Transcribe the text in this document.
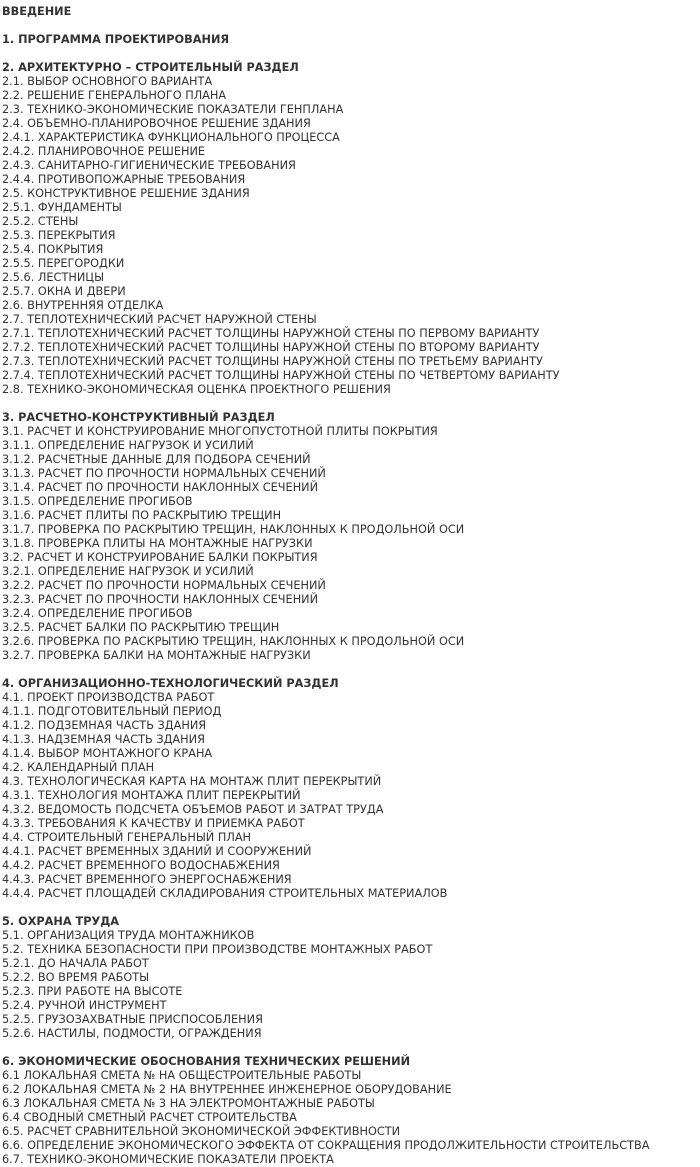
ВВЕДЕНИЕ
1. ПРОГРАММА ПРОЕКТИРОВАНИЯ
2. АРХИТЕКТУРНО – СТРОИТЕЛЬНЫЙ РАЗДЕЛ
2.1. ВЫБОР ОСНОВНОГО ВАРИАНТА
2.2. РЕШЕНИЕ ГЕНЕРАЛЬНОГО ПЛАНА
2.3. ТЕХНИКО-ЭКОНОМИЧЕСКИЕ ПОКАЗАТЕЛИ ГЕНПЛАНА
2.4. ОБЪЕМНО-ПЛАНИРОВОЧНОЕ РЕШЕНИЕ ЗДАНИЯ
2.4.1. ХАРАКТЕРИСТИКА ФУНКЦИОНАЛЬНОГО ПРОЦЕССА
2.4.2. ПЛАНИРОВОЧНОЕ РЕШЕНИЕ
2.4.3. САНИТАРНО-ГИГИЕНИЧЕСКИЕ ТРЕБОВАНИЯ
2.4.4. ПРОТИВОПОЖАРНЫЕ ТРЕБОВАНИЯ
2.5. КОНСТРУКТИВНОЕ РЕШЕНИЕ ЗДАНИЯ
2.5.1. ФУНДАМЕНТЫ
2.5.2. СТЕНЫ
2.5.3. ПЕРЕКРЫТИЯ
2.5.4. ПОКРЫТИЯ
2.5.5. ПЕРЕГОРОДКИ
2.5.6. ЛЕСТНИЦЫ
2.5.7. ОКНА И ДВЕРИ
2.6. ВНУТРЕННЯЯ ОТДЕЛКА
2.7. ТЕПЛОТЕХНИЧЕСКИЙ РАСЧЕТ НАРУЖНОЙ СТЕНЫ
2.7.1. ТЕПЛОТЕХНИЧЕСКИЙ РАСЧЕТ ТОЛЩИНЫ НАРУЖНОЙ СТЕНЫ ПО ПЕРВОМУ ВАРИАНТУ
2.7.2. ТЕПЛОТЕХНИЧЕСКИЙ РАСЧЕТ ТОЛЩИНЫ НАРУЖНОЙ СТЕНЫ ПО ВТОРОМУ ВАРИАНТУ
2.7.3. ТЕПЛОТЕХНИЧЕСКИЙ РАСЧЕТ ТОЛЩИНЫ НАРУЖНОЙ СТЕНЫ ПО ТРЕТЬЕМУ ВАРИАНТУ
2.7.4. ТЕПЛОТЕХНИЧЕСКИЙ РАСЧЕТ ТОЛЩИНЫ НАРУЖНОЙ СТЕНЫ ПО ЧЕТВЕРТОМУ ВАРИАНТУ
2.8. ТЕХНИКО-ЭКОНОМИЧЕСКАЯ ОЦЕНКА ПРОЕКТНОГО РЕШЕНИЯ
3. РАСЧЕТНО-КОНСТРУКТИВНЫЙ РАЗДЕЛ
3.1. РАСЧЕТ И КОНСТРУИРОВАНИЕ МНОГОПУСТОТНОЙ ПЛИТЫ ПОКРЫТИЯ
3.1.1. ОПРЕДЕЛЕНИЕ НАГРУЗОК И УСИЛИЙ
3.1.2. РАСЧЕТНЫЕ ДАННЫЕ ДЛЯ ПОДБОРА СЕЧЕНИЙ
3.1.3. РАСЧЕТ ПО ПРОЧНОСТИ НОРМАЛЬНЫХ СЕЧЕНИЙ
3.1.4. РАСЧЕТ ПО ПРОЧНОСТИ НАКЛОННЫХ СЕЧЕНИЙ
3.1.5. ОПРЕДЕЛЕНИЕ ПРОГИБОВ
3.1.6. РАСЧЕТ ПЛИТЫ ПО РАСКРЫТИЮ ТРЕЩИН
3.1.7. ПРОВЕРКА ПО РАСКРЫТИЮ ТРЕЩИН, НАКЛОННЫХ К ПРОДОЛЬНОЙ ОСИ
3.1.8. ПРОВЕРКА ПЛИТЫ НА МОНТАЖНЫЕ НАГРУЗКИ
3.2. РАСЧЕТ И КОНСТРУИРОВАНИЕ БАЛКИ ПОКРЫТИЯ
3.2.1. ОПРЕДЕЛЕНИЕ НАГРУЗОК И УСИЛИЙ
3.2.2. РАСЧЕТ ПО ПРОЧНОСТИ НОРМАЛЬНЫХ СЕЧЕНИЙ
3.2.3. РАСЧЕТ ПО ПРОЧНОСТИ НАКЛОННЫХ СЕЧЕНИЙ
3.2.4. ОПРЕДЕЛЕНИЕ ПРОГИБОВ
3.2.5. РАСЧЕТ БАЛКИ ПО РАСКРЫТИЮ ТРЕЩИН
3.2.6. ПРОВЕРКА ПО РАСКРЫТИЮ ТРЕЩИН, НАКЛОННЫХ К ПРОДОЛЬНОЙ ОСИ
3.2.7. ПРОВЕРКА БАЛКИ НА МОНТАЖНЫЕ НАГРУЗКИ
4. ОРГАНИЗАЦИОННО-ТЕХНОЛОГИЧЕСКИЙ РАЗДЕЛ
4.1. ПРОЕКТ ПРОИЗВОДСТВА РАБОТ
4.1.1. ПОДГОТОВИТЕЛЬНЫЙ ПЕРИОД
4.1.2. ПОДЗЕМНАЯ ЧАСТЬ ЗДАНИЯ
4.1.3. НАДЗЕМНАЯ ЧАСТЬ ЗДАНИЯ
4.1.4. ВЫБОР МОНТАЖНОГО КРАНА
4.2. КАЛЕНДАРНЫЙ ПЛАН
4.3. ТЕХНОЛОГИЧЕСКАЯ КАРТА НА МОНТАЖ ПЛИТ ПЕРЕКРЫТИЙ
4.3.1. ТЕХНОЛОГИЯ МОНТАЖА ПЛИТ ПЕРЕКРЫТИЙ
4.3.2. ВЕДОМОСТЬ ПОДСЧЕТА ОБЪЕМОВ РАБОТ И ЗАТРАТ ТРУДА
4.3.3. ТРЕБОВАНИЯ К КАЧЕСТВУ И ПРИЕМКА РАБОТ
4.4. СТРОИТЕЛЬНЫЙ ГЕНЕРАЛЬНЫЙ ПЛАН
4.4.1. РАСЧЕТ ВРЕМЕННЫХ ЗДАНИЙ И СООРУЖЕНИЙ
4.4.2. РАСЧЕТ ВРЕМЕННОГО ВОДОСНАБЖЕНИЯ
4.4.3. РАСЧЕТ ВРЕМЕННОГО ЭНЕРГОСНАБЖЕНИЯ
4.4.4. РАСЧЕТ ПЛОЩАДЕЙ СКЛАДИРОВАНИЯ СТРОИТЕЛЬНЫХ МАТЕРИАЛОВ
5. ОХРАНА ТРУДА
5.1. ОРГАНИЗАЦИЯ ТРУДА МОНТАЖНИКОВ
5.2. ТЕХНИКА БЕЗОПАСНОСТИ ПРИ ПРОИЗВОДСТВЕ МОНТАЖНЫХ РАБОТ
5.2.1. ДО НАЧАЛА РАБОТ
5.2.2. ВО ВРЕМЯ РАБОТЫ
5.2.3. ПРИ РАБОТЕ НА ВЫСОТЕ
5.2.4. РУЧНОЙ ИНСТРУМЕНТ
5.2.5. ГРУЗОЗАХВАТНЫЕ ПРИСПОСОБЛЕНИЯ
5.2.6. НАСТИЛЫ, ПОДМОСТИ, ОГРАЖДЕНИЯ
6. ЭКОНОМИЧЕСКИЕ ОБОСНОВАНИЯ ТЕХНИЧЕСКИХ РЕШЕНИЙ
6.1 ЛОКАЛЬНАЯ СМЕТА № НА ОБЩЕСТРОИТЕЛЬНЫЕ РАБОТЫ
6.2 ЛОКАЛЬНАЯ СМЕТА № 2 НА ВНУТРЕННЕЕ ИНЖЕНЕРНОЕ ОБОРУДОВАНИЕ
6.3 ЛОКАЛЬНАЯ СМЕТА № 3 НА ЭЛЕКТРОМОНТАЖНЫЕ РАБОТЫ
6.4 СВОДНЫЙ СМЕТНЫЙ РАСЧЕТ СТРОИТЕЛЬСТВА
6.5. РАСЧЕТ СРАВНИТЕЛЬНОЙ ЭКОНОМИЧЕСКОЙ ЭФФЕКТИВНОСТИ
6.6. ОПРЕДЕЛЕНИЕ ЭКОНОМИЧЕСКОГО ЭФФЕКТА ОТ СОКРАЩЕНИЯ ПРОДОЛЖИТЕЛЬНОСТИ СТРОИТЕЛЬСТВА
6.7. ТЕХНИКО-ЭКОНОМИЧЕСКИЕ ПОКАЗАТЕЛИ ПРОЕКТА
